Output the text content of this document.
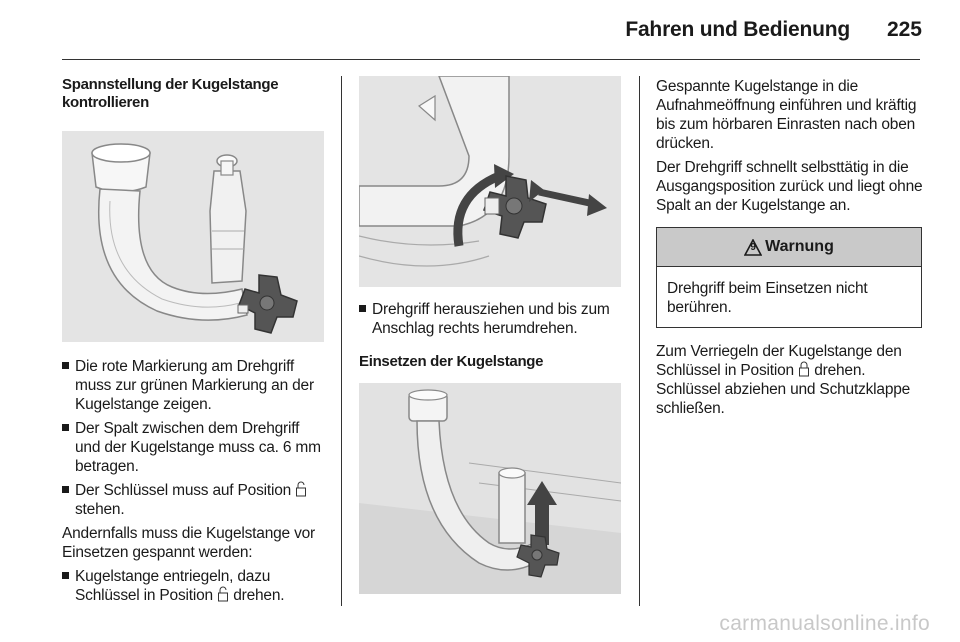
Fahren und Bedienung	225

Spannstellung der Kugelstange kontrollieren

Die rote Markierung am Drehgriff muss zur grünen Markierung an der Kugelstange zeigen.
Der Spalt zwischen dem Drehgriff und der Kugelstange muss ca. 6 mm betragen.
Der Schlüssel muss auf Position
stehen.

Andernfalls muss die Kugelstange vor Einsetzen gespannt werden:

Kugelstange entriegeln, dazu Schlüssel in Position drehen.
Drehgriff herausziehen und bis zum Anschlag rechts herumdrehen.

Einsetzen der Kugelstange

Gespannte Kugelstange in die Aufnahmeöffnung einführen und kräftig bis zum hörbaren Einrasten nach oben drücken.

Der Drehgriff schnellt selbsttätig in die Ausgangsposition zurück und liegt ohne Spalt an der Kugelstange an.

9 Warnung
Drehgriff beim Einsetzen nicht berühren.

Zum Verriegeln der Kugelstange den Schlüssel in Position drehen. Schlüssel abziehen und Schutzklappe schließen.

carmanualsonline.info
